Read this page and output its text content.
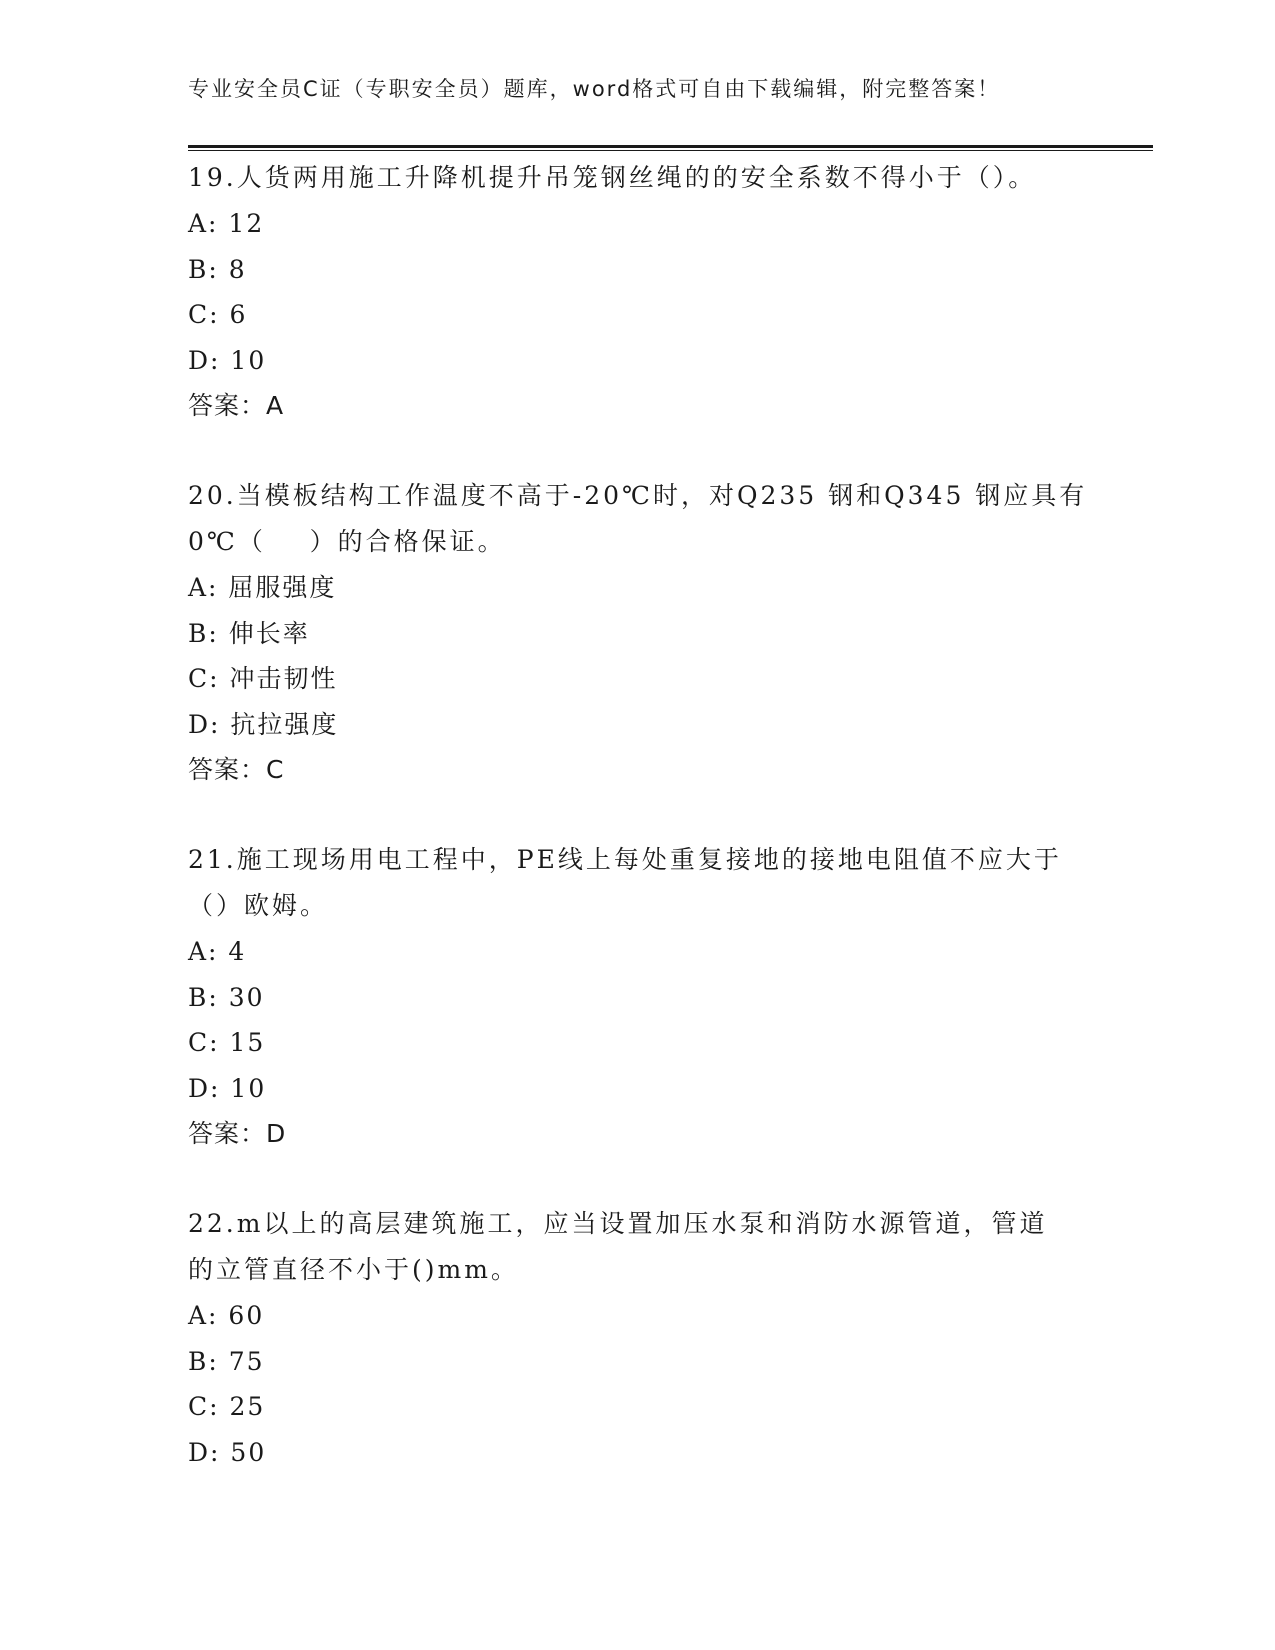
专业安全员C证（专职安全员）题库，word格式可自由下载编辑，附完整答案！
19.人货两用施工升降机提升吊笼钢丝绳的的安全系数不得小于（）。
A: 12
B: 8
C: 6
D: 10
答案：A
20.当模板结构工作温度不高于-20℃时，对Q235 钢和Q345 钢应具有
0℃（    ）的合格保证。
A: 屈服强度
B: 伸长率
C: 冲击韧性
D: 抗拉强度
答案：C
21.施工现场用电工程中，PE线上每处重复接地的接地电阻值不应大于
（）欧姆。
A: 4
B: 30
C: 15
D: 10
答案：D
22.m以上的高层建筑施工，应当设置加压水泵和消防水源管道，管道
的立管直径不小于()mm。
A: 60
B: 75
C: 25
D: 50
